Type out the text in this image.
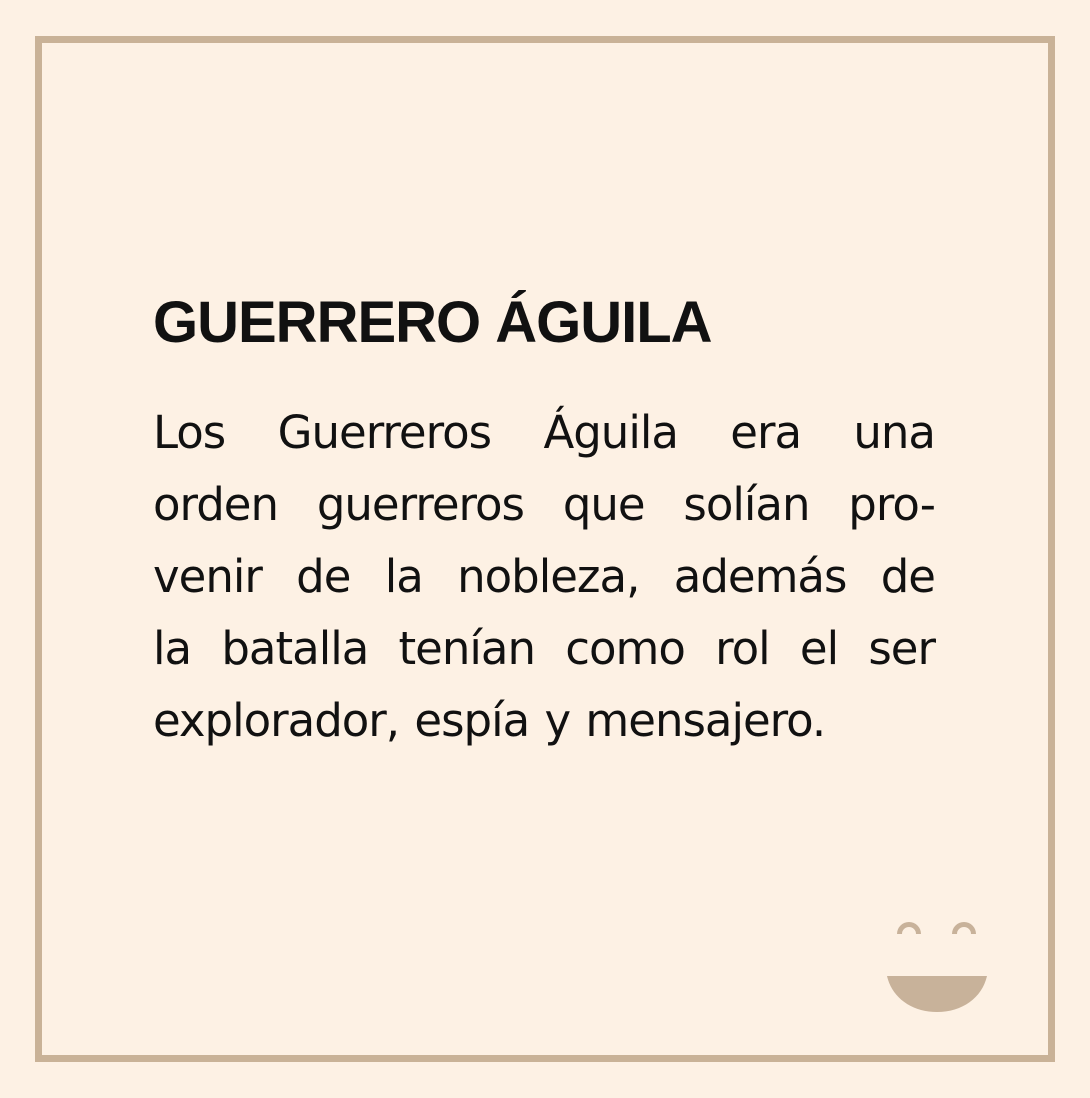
GUERRERO ÁGUILA
Los Guerreros Águila era una
orden guerreros que solían pro-
venir de la nobleza, además de
la batalla tenían como rol el ser
explorador, espía y mensajero.
